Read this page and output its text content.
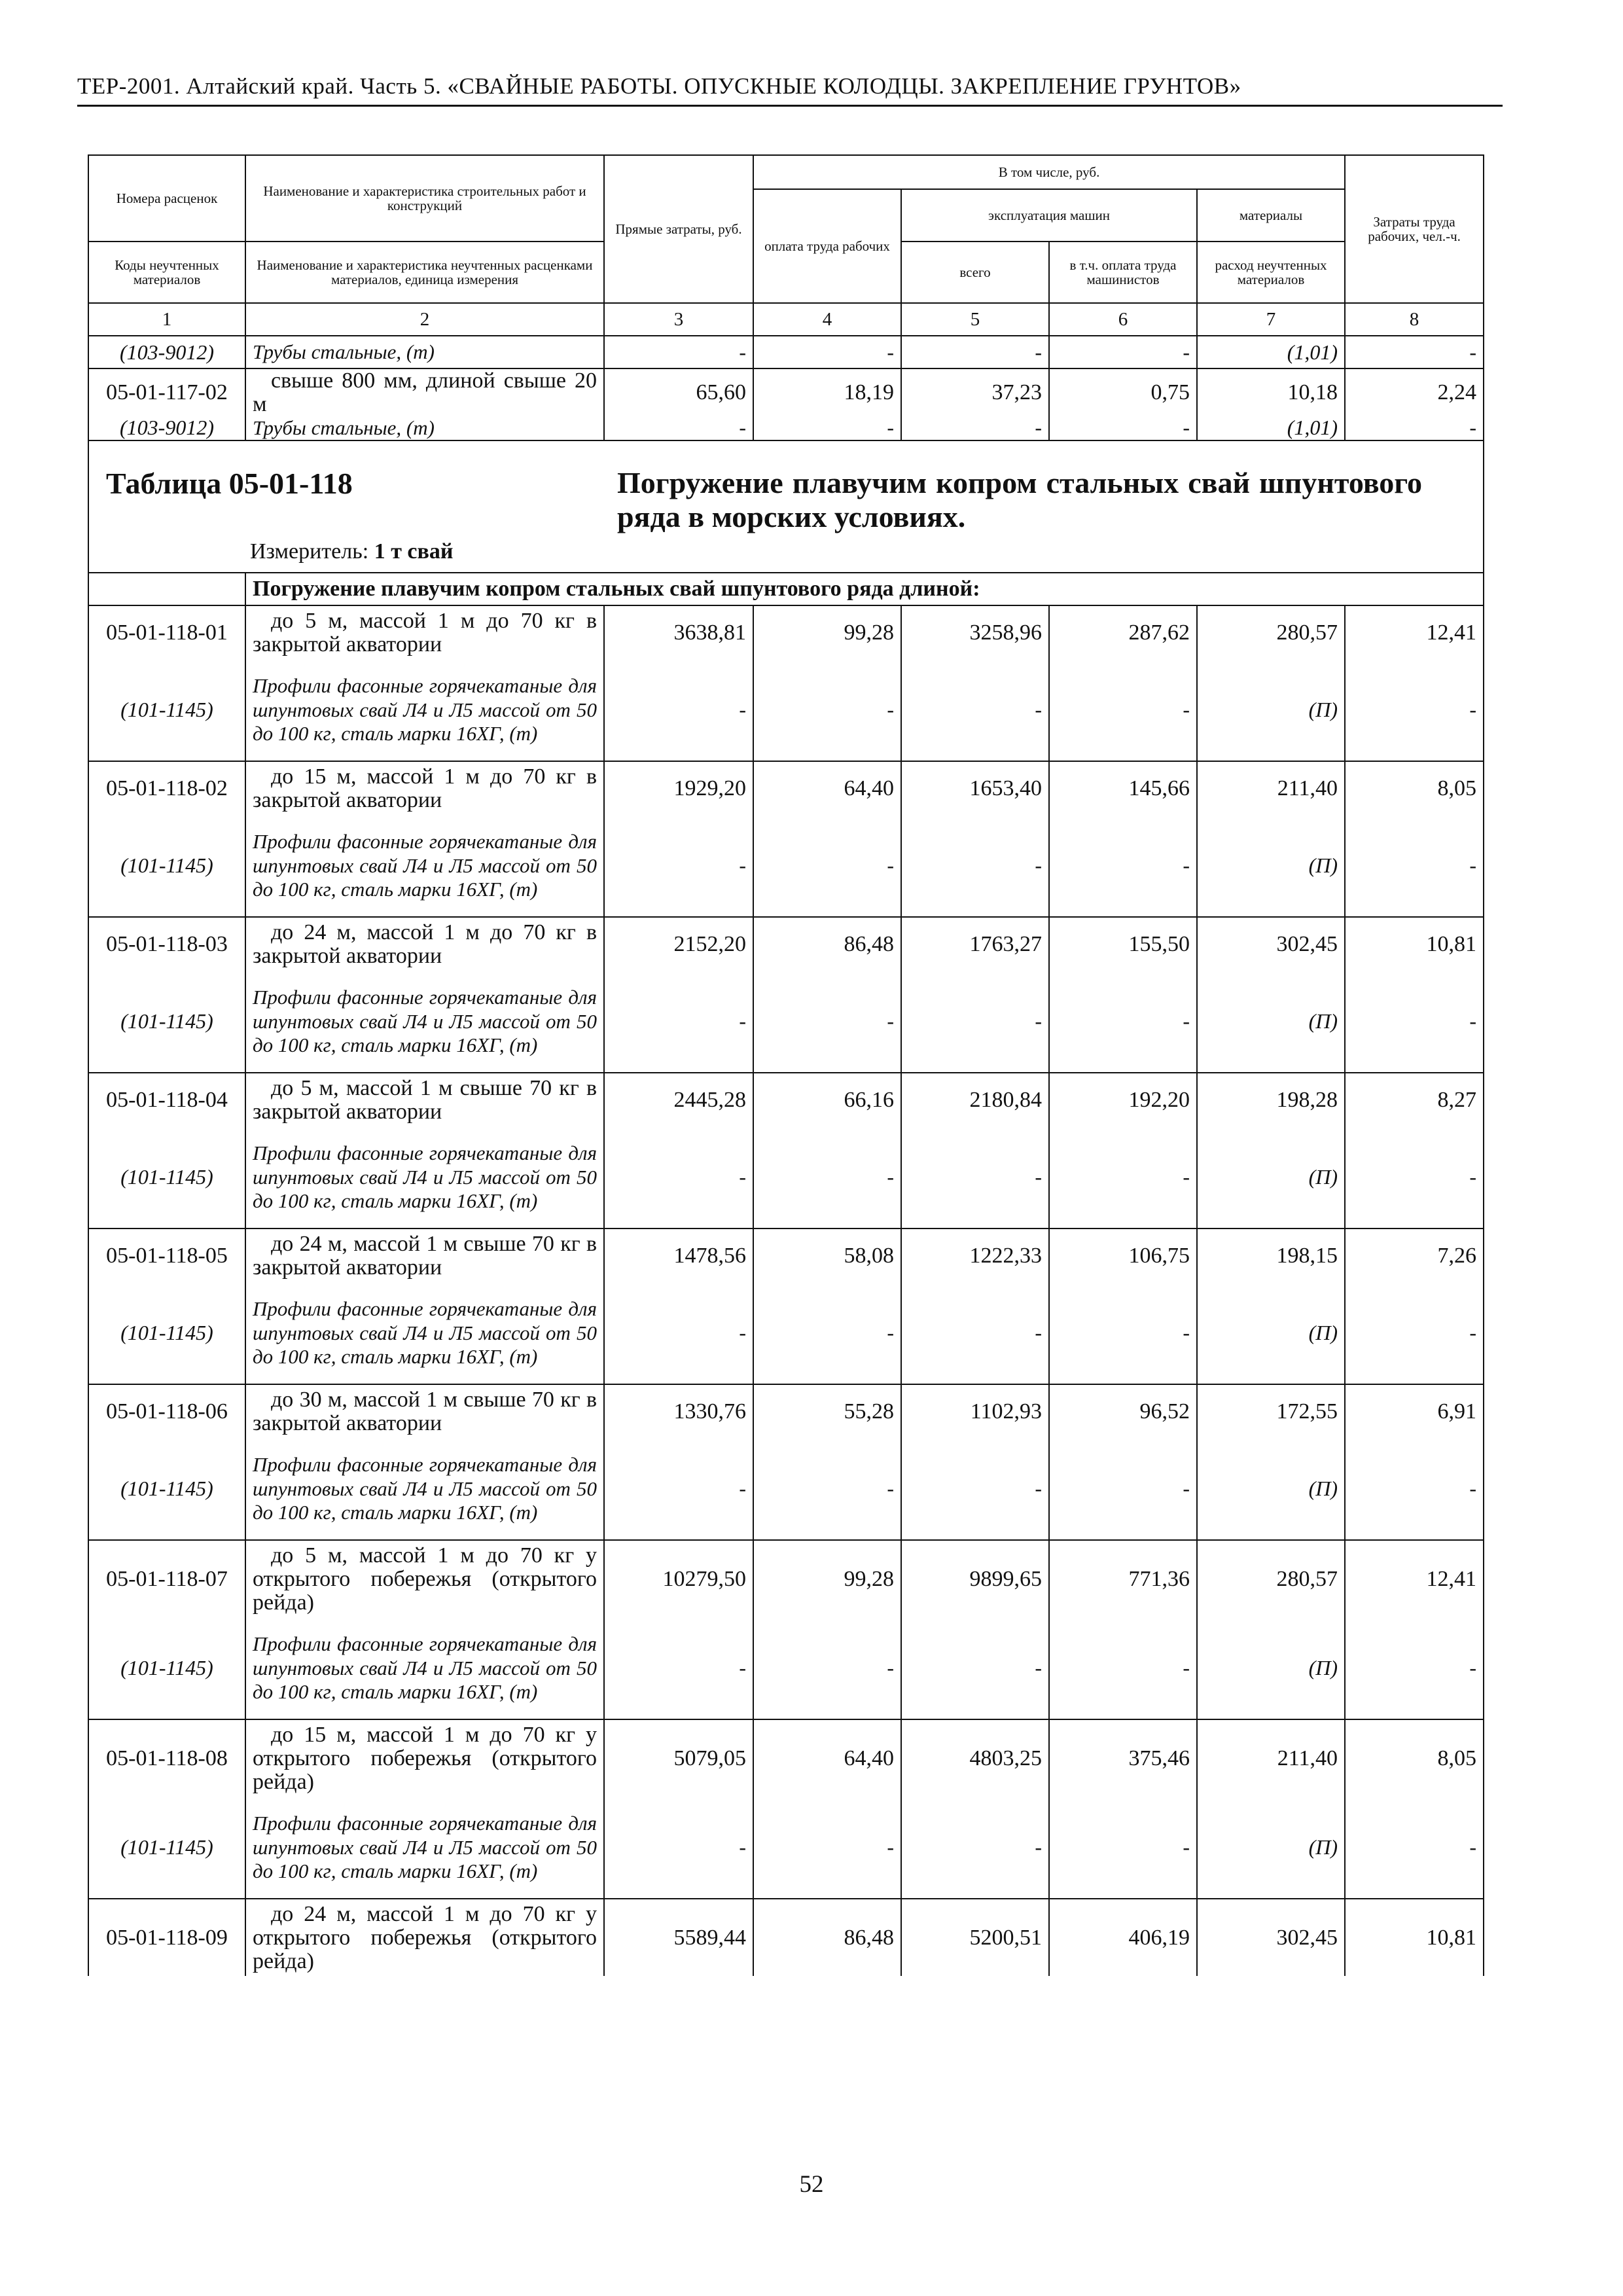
ТЕР-2001. Алтайский край. Часть 5. «СВАЙНЫЕ РАБОТЫ. ОПУСКНЫЕ КОЛОДЦЫ. ЗАКРЕПЛЕНИЕ ГРУНТОВ»
Номера расценок	Наименование и характеристика строительных работ и конструкций	Прямые затраты, руб.	В том числе, руб.				Затраты труда рабочих, чел.-ч.
			оплата труда рабочих	эксплуатация машин		материалы	
Коды неучтенных материалов	Наименование и характеристика неучтенных расценками материалов, единица измерения			всего	в т.ч. оплата труда машинистов	расход неучтенных материалов	
1	2	3	4	5	6	7	8
(103-9012)	Трубы стальные, (т)	-	-	-	-	(1,01)	-
05-01-117-02	свыше 800 мм, длиной свыше 20 м	65,60	18,19	37,23	0,75	10,18	2,24
(103-9012)	Трубы стальные, (т)	-	-	-	-	(1,01)	-

Таблица 05-01-118 Погружение плавучим копром стальных свай шпунтового ряда в морских условиях.
Измеритель: 1 т свай							

	Погружение плавучим копром стальных свай шпунтового ряда длиной:						
05-01-118-01	до 5 м, массой 1 м до 70 кг в закрытой акватории	3638,81	99,28	3258,96	287,62	280,57	12,41
(101-1145)	Профили фасонные горячекатаные для шпунтовых свай Л4 и Л5 массой от 50 до 100 кг, сталь марки 16ХГ, (т)	-	-	-	-	(П)	-
05-01-118-02	до 15 м, массой 1 м до 70 кг в закрытой акватории	1929,20	64,40	1653,40	145,66	211,40	8,05
(101-1145)	Профили фасонные горячекатаные для шпунтовых свай Л4 и Л5 массой от 50 до 100 кг, сталь марки 16ХГ, (т)	-	-	-	-	(П)	-
05-01-118-03	до 24 м, массой 1 м до 70 кг в закрытой акватории	2152,20	86,48	1763,27	155,50	302,45	10,81
(101-1145)	Профили фасонные горячекатаные для шпунтовых свай Л4 и Л5 массой от 50 до 100 кг, сталь марки 16ХГ, (т)	-	-	-	-	(П)	-
05-01-118-04	до 5 м, массой 1 м свыше 70 кг в закрытой акватории	2445,28	66,16	2180,84	192,20	198,28	8,27
(101-1145)	Профили фасонные горячекатаные для шпунтовых свай Л4 и Л5 массой от 50 до 100 кг, сталь марки 16ХГ, (т)	-	-	-	-	(П)	-
05-01-118-05	до 24 м, массой 1 м свыше 70 кг в закрытой акватории	1478,56	58,08	1222,33	106,75	198,15	7,26
(101-1145)	Профили фасонные горячекатаные для шпунтовых свай Л4 и Л5 массой от 50 до 100 кг, сталь марки 16ХГ, (т)	-	-	-	-	(П)	-
05-01-118-06	до 30 м, массой 1 м свыше 70 кг в закрытой акватории	1330,76	55,28	1102,93	96,52	172,55	6,91
(101-1145)	Профили фасонные горячекатаные для шпунтовых свай Л4 и Л5 массой от 50 до 100 кг, сталь марки 16ХГ, (т)	-	-	-	-	(П)	-
05-01-118-07	до 5 м, массой 1 м до 70 кг у открытого побережья (открытого рейда)	10279,50	99,28	9899,65	771,36	280,57	12,41
(101-1145)	Профили фасонные горячекатаные для шпунтовых свай Л4 и Л5 массой от 50 до 100 кг, сталь марки 16ХГ, (т)	-	-	-	-	(П)	-
05-01-118-08	до 15 м, массой 1 м до 70 кг у открытого побережья (открытого рейда)	5079,05	64,40	4803,25	375,46	211,40	8,05
(101-1145)	Профили фасонные горячекатаные для шпунтовых свай Л4 и Л5 массой от 50 до 100 кг, сталь марки 16ХГ, (т)	-	-	-	-	(П)	-
05-01-118-09	до 24 м, массой 1 м до 70 кг у открытого побережья (открытого рейда)	5589,44	86,48	5200,51	406,19	302,45	10,81
52
